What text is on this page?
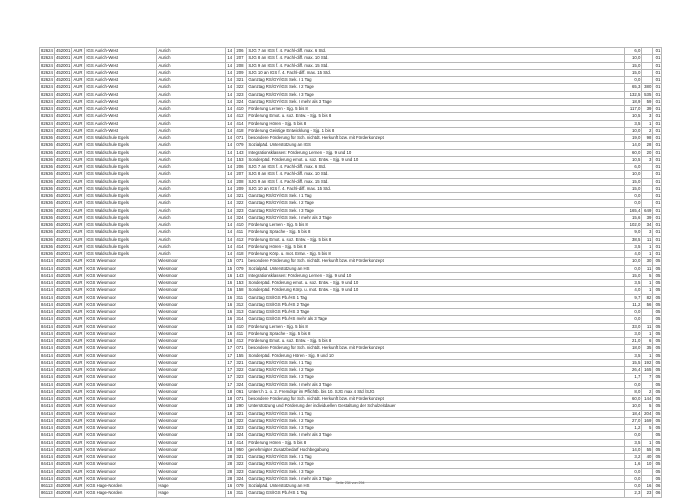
82624	452001	AUR	IGS Aurich-West	Aurich	14	206	SJG 7 an IGS f. 4. Fachl-diff. max. 6 Std.	6,0		01
82624	452001	AUR	IGS Aurich-West	Aurich	14	207	SJG 8 an IGS f. 4. Fachl-diff. max. 10 Std.	10,0		01
82624	452001	AUR	IGS Aurich-West	Aurich	14	208	SJG 9 an IGS f. 4. Fachl-diff. max. 15 Std.	15,0		01
82624	452001	AUR	IGS Aurich-West	Aurich	14	209	SJG 10 an IGS f. 4. Fachl-diff. max. 15 Std.	15,0		01
82624	452001	AUR	IGS Aurich-West	Aurich	14	321	Ganztag RS/GY/IGS Sek. I 1 Tag	0,0		01
82624	452001	AUR	IGS Aurich-West	Aurich	14	322	Ganztag RS/GY/IGS Sek. I 2 Tage	65,3	380	01
82624	452001	AUR	IGS Aurich-West	Aurich	14	323	Ganztag RS/GY/IGS Sek. I 3 Tage	132,5	535	01
82624	452001	AUR	IGS Aurich-West	Aurich	14	324	Ganztag RS/GY/IGS Sek. I mehr als 3 Tage	18,9	59	01
82624	452001	AUR	IGS Aurich-West	Aurich	14	410	Förderung Lernen - Sjg. 5 bis 8	117,0	39	01
82624	452001	AUR	IGS Aurich-West	Aurich	14	412	Förderung Emot. u. soz. Entw. - Sjg. 5 bis 8	10,5	3	01
82624	452001	AUR	IGS Aurich-West	Aurich	14	414	Förderung Hören - Sjg. 5 bis 8	3,5	1	01
82624	452001	AUR	IGS Aurich-West	Aurich	14	418	Förderung Geistige Entwicklung - Sjg. 1 bis 8	10,0	2	01
82636	452001	AUR	IGS Waldschule Egels	Aurich	14	071	besondere Förderung für Sch. nichtdt. Herkunft bzw. mit Förderkonzept	19,0	98	01
82636	452001	AUR	IGS Waldschule Egels	Aurich	14	079	Sozialpäd. Unterstützung an IGS	14,0	28	01
82636	452001	AUR	IGS Waldschule Egels	Aurich	14	143	Integrationsklassen: Förderung Lernen - Sjg. 9 und 10	60,0	20	01
82636	452001	AUR	IGS Waldschule Egels	Aurich	14	153	Sonderpäd. Förderung emot. u. soz. Entw. - Sjg. 9 und 10	10,5	3	01
82636	452001	AUR	IGS Waldschule Egels	Aurich	14	206	SJG 7 an IGS f. 4. Fachl-diff. max. 6 Std.	6,0		01
82636	452001	AUR	IGS Waldschule Egels	Aurich	14	207	SJG 8 an IGS f. 4. Fachl-diff. max. 10 Std.	10,0		01
82636	452001	AUR	IGS Waldschule Egels	Aurich	14	208	SJG 9 an IGS f. 4. Fachl-diff. max. 15 Std.	15,0		01
82636	452001	AUR	IGS Waldschule Egels	Aurich	14	209	SJG 10 an IGS f. 4. Fachl-diff. max. 15 Std.	15,0		01
82636	452001	AUR	IGS Waldschule Egels	Aurich	14	321	Ganztag RS/GY/IGS Sek. I 1 Tag	0,0		01
82636	452001	AUR	IGS Waldschule Egels	Aurich	14	322	Ganztag RS/GY/IGS Sek. I 2 Tage	0,0		01
82636	452001	AUR	IGS Waldschule Egels	Aurich	14	323	Ganztag RS/GY/IGS Sek. I 3 Tage	165,4	649	01
82636	452001	AUR	IGS Waldschule Egels	Aurich	14	324	Ganztag RS/GY/IGS Sek. I mehr als 3 Tage	15,6	39	01
82636	452001	AUR	IGS Waldschule Egels	Aurich	14	410	Förderung Lernen - Sjg. 5 bis 8	102,0	34	01
82636	452001	AUR	IGS Waldschule Egels	Aurich	14	411	Förderung Sprache - Sjg. 5 bis 8	9,0	3	01
82636	452001	AUR	IGS Waldschule Egels	Aurich	14	412	Förderung Emot. u. soz. Entw. - Sjg. 5 bis 8	38,5	11	01
82636	452001	AUR	IGS Waldschule Egels	Aurich	14	414	Förderung Hören - Sjg. 5 bis 8	3,5	1	01
82636	452001	AUR	IGS Waldschule Egels	Aurich	14	418	Förderung Körp. u. mot. Entw. - Sjg. 5 bis 8	4,0	1	01
84414	452025	AUR	KGS Wiesmoor	Wiesmoor	15	071	besondere Förderung für Sch. nichtdt. Herkunft bzw. mit Förderkonzept	10,0	30	05
84414	452025	AUR	KGS Wiesmoor	Wiesmoor	15	079	Sozialpäd. Unterstützung an HS	0,0	11	05
84414	452025	AUR	KGS Wiesmoor	Wiesmoor	16	143	Integrationsklassen: Förderung Lernen - Sjg. 9 und 10	15,0	5	05
84414	452025	AUR	KGS Wiesmoor	Wiesmoor	16	153	Sonderpäd. Förderung emot. u. soz. Entw. - Sjg. 9 und 10	3,5	1	05
84414	452025	AUR	KGS Wiesmoor	Wiesmoor	16	158	Sonderpäd. Förderung Körp. u. mot. Entw. - Sjg. 9 und 10	4,0	1	05
84414	452025	AUR	KGS Wiesmoor	Wiesmoor	16	311	Ganztag GS/IGS Pb./HS 1 Tag	9,7	82	05
84414	452025	AUR	KGS Wiesmoor	Wiesmoor	16	312	Ganztag GS/IGS Pb./HS 2 Tage	11,2	56	05
84414	452025	AUR	KGS Wiesmoor	Wiesmoor	16	313	Ganztag GS/IGS Pb./HS 3 Tage	0,0		05
84414	452025	AUR	KGS Wiesmoor	Wiesmoor	16	314	Ganztag GS/IGS Pb./HS mehr als 3 Tage	0,0		05
84414	452025	AUR	KGS Wiesmoor	Wiesmoor	16	410	Förderung Lernen - Sjg. 5 bis 8	33,0	11	05
84414	452025	AUR	KGS Wiesmoor	Wiesmoor	16	411	Förderung Sprache - Sjg. 5 bis 8	3,0	1	05
84414	452025	AUR	KGS Wiesmoor	Wiesmoor	16	412	Förderung Emot. u. soz. Entw. - Sjg. 5 bis 8	21,0	6	05
84414	452025	AUR	KGS Wiesmoor	Wiesmoor	17	071	besondere Förderung für Sch. nichtdt. Herkunft bzw. mit Förderkonzept	18,0	35	05
84414	452025	AUR	KGS Wiesmoor	Wiesmoor	17	155	Sonderpäd. Förderung Hören - Sjg. 9 und 10	3,5	1	05
84414	452025	AUR	KGS Wiesmoor	Wiesmoor	17	321	Ganztag RS/GY/IGS Sek. I 1 Tag	15,5	192	05
84414	452025	AUR	KGS Wiesmoor	Wiesmoor	17	322	Ganztag RS/GY/IGS Sek. I 2 Tage	26,4	165	05
84414	452025	AUR	KGS Wiesmoor	Wiesmoor	17	323	Ganztag RS/GY/IGS Sek. I 3 Tage	1,7	7	05
84414	452025	AUR	KGS Wiesmoor	Wiesmoor	17	324	Ganztag RS/GY/IGS Sek. I mehr als 3 Tage	0,0		05
84414	452025	AUR	KGS Wiesmoor	Wiesmoor	18	061	Unterr.h 1. o. 2. Fremdspr im Pflichtb. bis 10. SJG max 4 Std /SJG	8,0	2	05
84414	452025	AUR	KGS Wiesmoor	Wiesmoor	18	071	besondere Förderung für Sch. nichtdt. Herkunft bzw. mit Förderkonzept	60,0	144	05
84414	452025	AUR	KGS Wiesmoor	Wiesmoor	18	290	Unterstützung und Förderung der individuellen Gestaltung der Schulzeitdauer	10,0	5	05
84414	452025	AUR	KGS Wiesmoor	Wiesmoor	18	321	Ganztag RS/GY/IGS Sek. I 1 Tag	18,4	204	05
84414	452025	AUR	KGS Wiesmoor	Wiesmoor	18	322	Ganztag RS/GY/IGS Sek. I 2 Tage	27,0	169	05
84414	452025	AUR	KGS Wiesmoor	Wiesmoor	18	323	Ganztag RS/GY/IGS Sek. I 3 Tage	1,2	5	05
84414	452025	AUR	KGS Wiesmoor	Wiesmoor	18	324	Ganztag RS/GY/IGS Sek. I mehr als 3 Tage	0,0		05
84414	452025	AUR	KGS Wiesmoor	Wiesmoor	18	414	Förderung Hören - Sjg. 5 bis 8	3,5	1	05
84414	452025	AUR	KGS Wiesmoor	Wiesmoor	18	950	genehmigter Zusatzbedarf Hochbegabung	14,0	55	05
84414	452025	AUR	KGS Wiesmoor	Wiesmoor	28	321	Ganztag RS/GY/IGS Sek. I 1 Tag	3,2	40	05
84414	452025	AUR	KGS Wiesmoor	Wiesmoor	28	322	Ganztag RS/GY/IGS Sek. I 2 Tage	1,6	10	05
84414	452025	AUR	KGS Wiesmoor	Wiesmoor	28	323	Ganztag RS/GY/IGS Sek. I 3 Tage	0,0		05
84414	452025	AUR	KGS Wiesmoor	Wiesmoor	28	324	Ganztag RS/GY/IGS Sek. I mehr als 3 Tage	0,0		05
86113	452008	AUR	KGS Hage-Norden	Hage	16	079	Sozialpäd. Unterstützung an HS	0,0	16	06
86113	452008	AUR	KGS Hage-Norden	Hage	16	311	Ganztag GS/IGS Pb./HS 1 Tag	2,3	23	06
Seite 234 von 294
